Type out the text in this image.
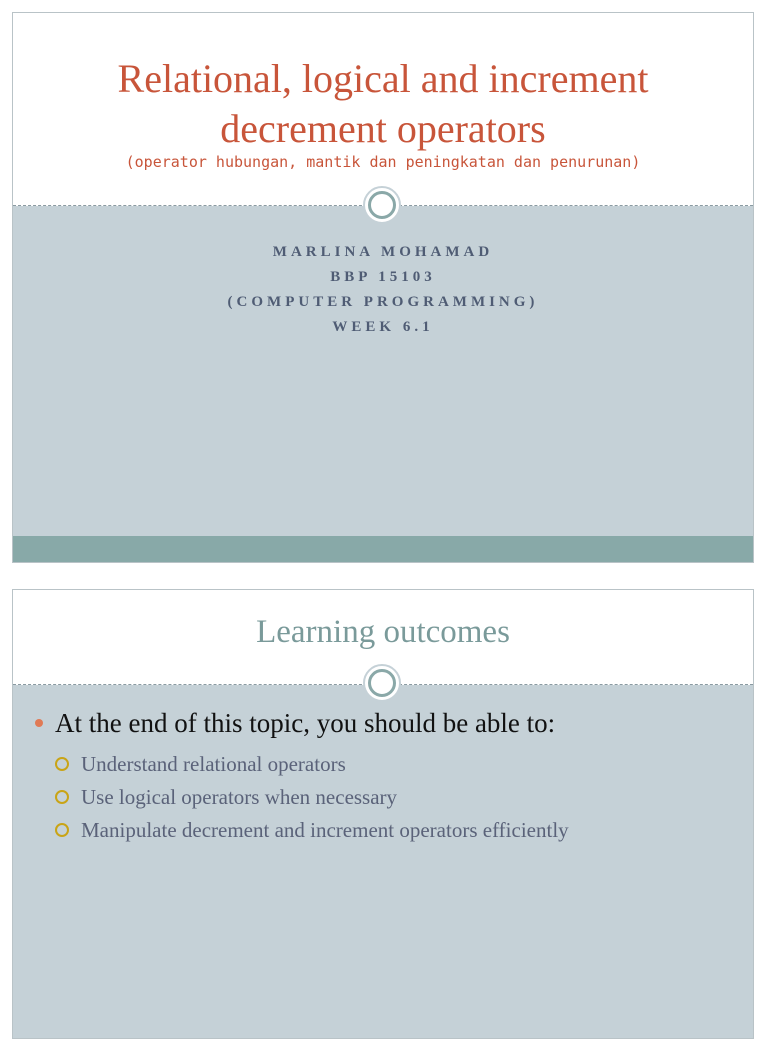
Relational, logical and increment
decrement operators
(operator hubungan, mantik dan peningkatan dan penurunan)
MARLINA MOHAMAD
BBP 15103
(COMPUTER PROGRAMMING)
WEEK 6.1
Learning outcomes
At the end of this topic, you should be able to:
Understand relational operators
Use logical operators when necessary
Manipulate decrement and increment operators efficiently
